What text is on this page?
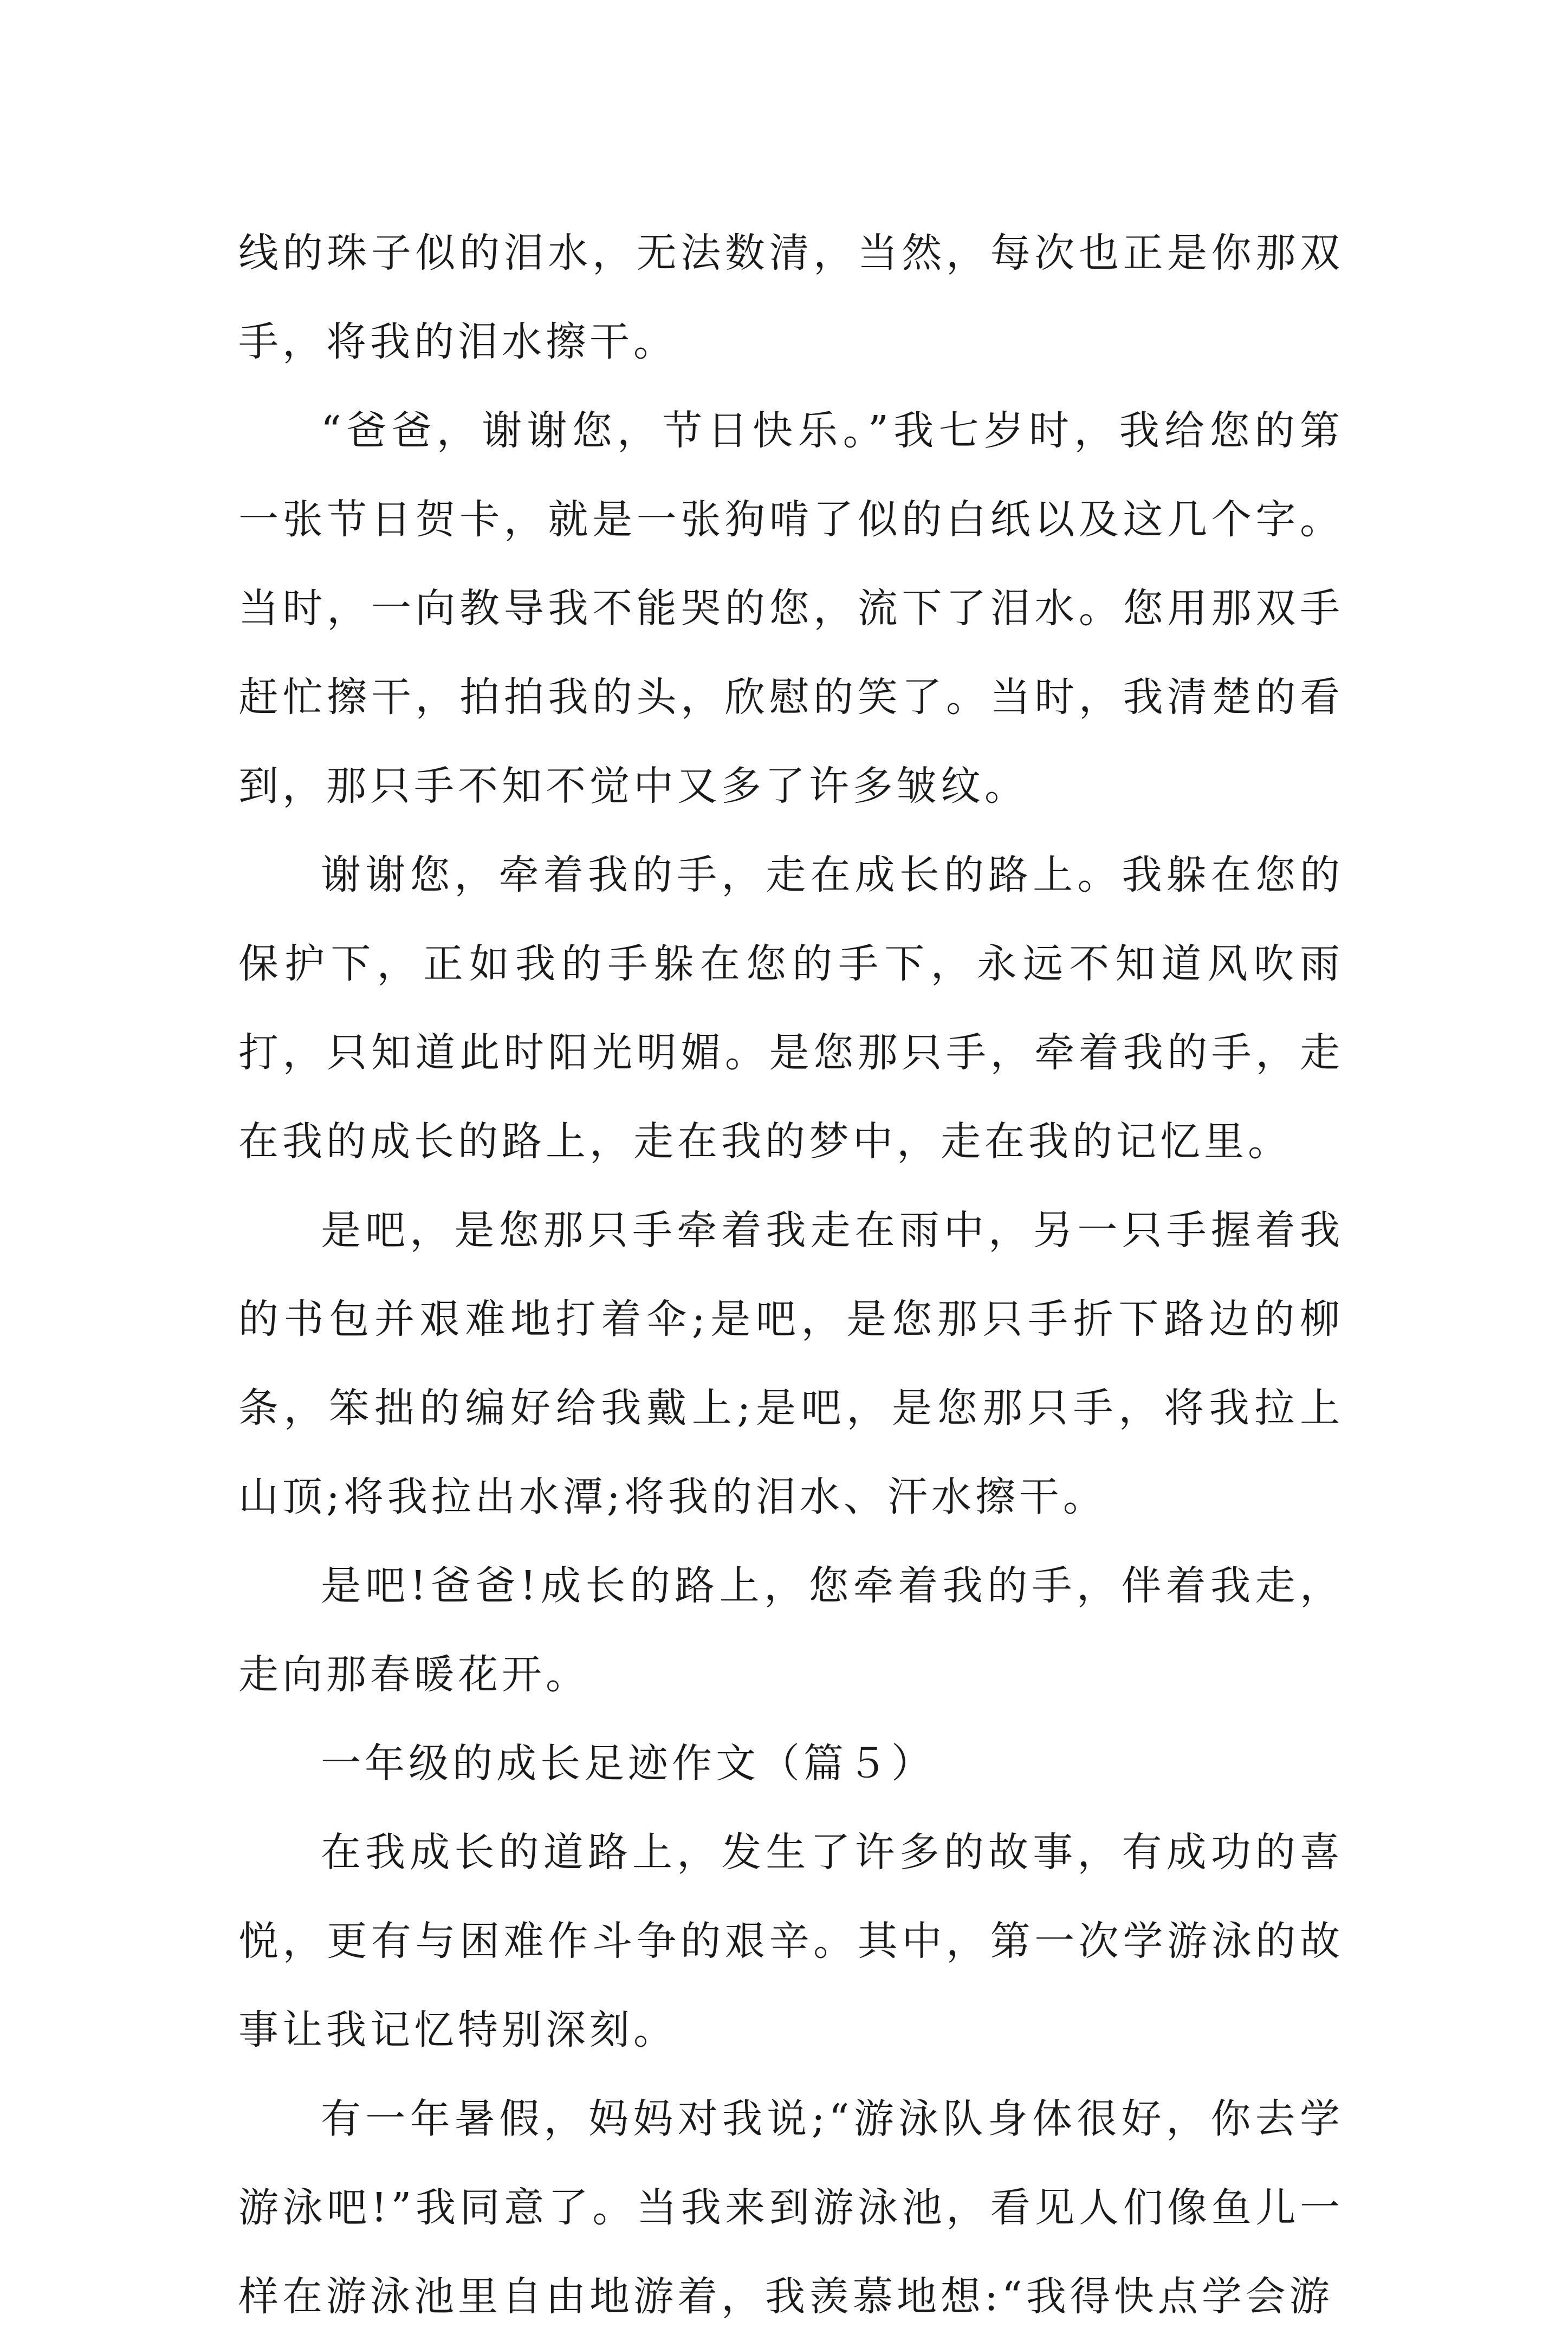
线的珠子似的泪水，无法数清，当然，每次也正是你那双手，将我的泪水擦干。

“爸爸，谢谢您，节日快乐。”我七岁时，我给您的第一张节日贺卡，就是一张狗啃了似的白纸以及这几个字。当时，一向教导我不能哭的您，流下了泪水。您用那双手赶忙擦干，拍拍我的头，欣慰的笑了。当时，我清楚的看到，那只手不知不觉中又多了许多皱纹。

谢谢您，牵着我的手，走在成长的路上。我躲在您的保护下，正如我的手躲在您的手下，永远不知道风吹雨打，只知道此时阳光明媚。是您那只手，牵着我的手，走在我的成长的路上，走在我的梦中，走在我的记忆里。

是吧，是您那只手牵着我走在雨中，另一只手握着我的书包并艰难地打着伞;是吧，是您那只手折下路边的柳条，笨拙的编好给我戴上;是吧，是您那只手，将我拉上山顶;将我拉出水潭;将我的泪水、汗水擦干。

是吧!爸爸!成长的路上，您牵着我的手，伴着我走，走向那春暖花开。

一年级的成长足迹作文（篇５）

在我成长的道路上，发生了许多的故事，有成功的喜悦，更有与困难作斗争的艰辛。其中，第一次学游泳的故事让我记忆特别深刻。

有一年暑假，妈妈对我说;“游泳队身体很好，你去学游泳吧!”我同意了。当我来到游泳池，看见人们像鱼儿一样在游泳池里自由地游着，我羡慕地想:“我得快点学会游
